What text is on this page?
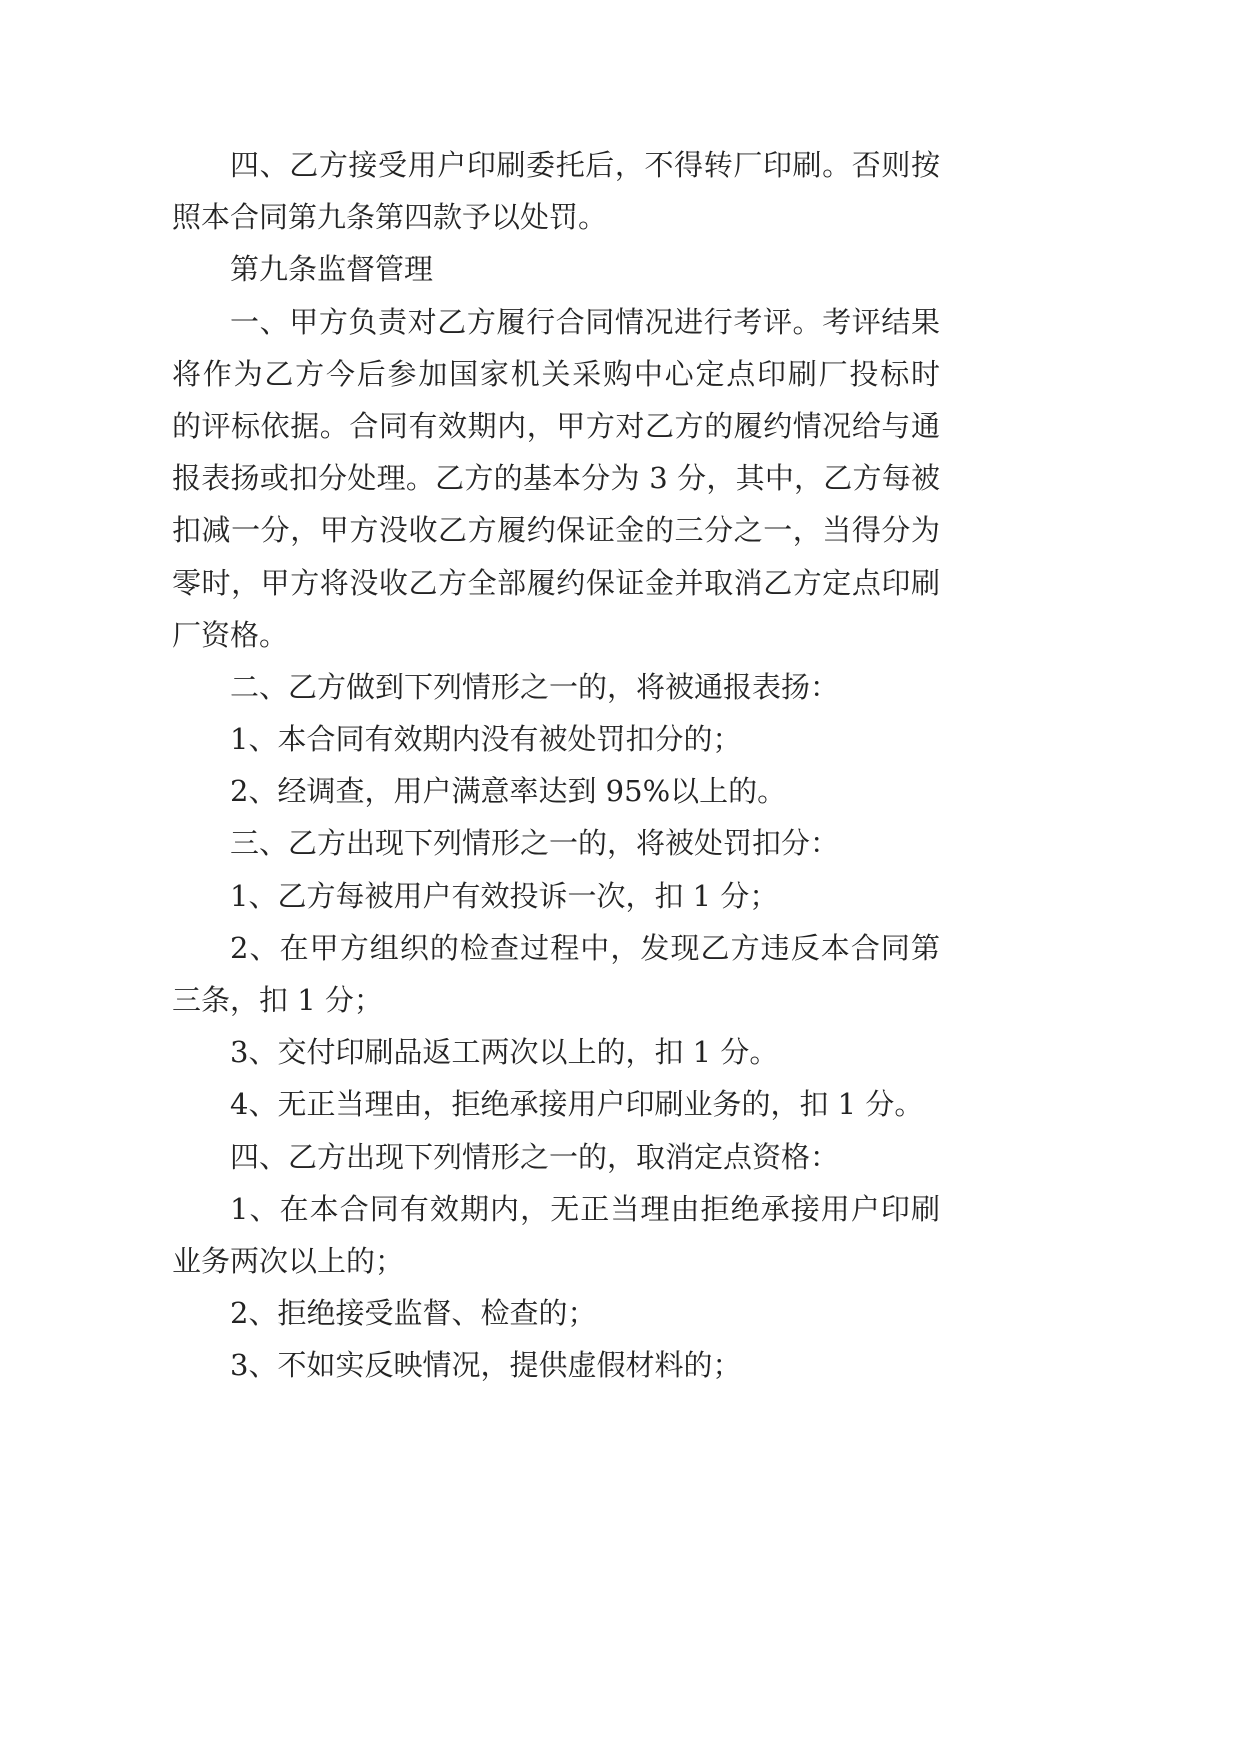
四、乙方接受用户印刷委托后，不得转厂印刷。否则按
照本合同第九条第四款予以处罚。
第九条监督管理
一、甲方负责对乙方履行合同情况进行考评。考评结果
将作为乙方今后参加国家机关采购中心定点印刷厂投标时
的评标依据。合同有效期内，甲方对乙方的履约情况给与通
报表扬或扣分处理。乙方的基本分为 3 分，其中，乙方每被
扣减一分，甲方没收乙方履约保证金的三分之一，当得分为
零时，甲方将没收乙方全部履约保证金并取消乙方定点印刷
厂资格。
二、乙方做到下列情形之一的，将被通报表扬：
1、本合同有效期内没有被处罚扣分的；
2、经调查，用户满意率达到 95%以上的。
三、乙方出现下列情形之一的，将被处罚扣分：
1、乙方每被用户有效投诉一次，扣 1 分；
2、在甲方组织的检查过程中，发现乙方违反本合同第
三条，扣 1 分；
3、交付印刷品返工两次以上的，扣 1 分。
4、无正当理由，拒绝承接用户印刷业务的，扣 1 分。
四、乙方出现下列情形之一的，取消定点资格：
1、在本合同有效期内，无正当理由拒绝承接用户印刷
业务两次以上的；
2、拒绝接受监督、检查的；
3、不如实反映情况，提供虚假材料的；
